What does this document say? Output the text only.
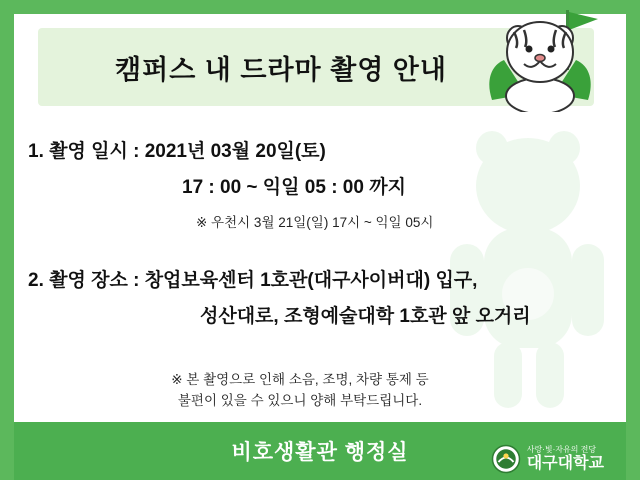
캠퍼스 내 드라마 촬영 안내
1. 촬영 일시 : 2021년 03월 20일(토)
17 : 00 ~ 익일 05 : 00 까지
※ 우천시 3월 21일(일) 17시 ~ 익일 05시
2. 촬영 장소 : 창업보육센터 1호관(대구사이버대) 입구,
성산대로, 조형예술대학 1호관 앞 오거리
※ 본 촬영으로 인해 소음, 조명, 차량 통제 등
불편이 있을 수 있으니 양해 부탁드립니다.
비호생활관 행정실	사랑·빛·자유의 전당
대구대학교
